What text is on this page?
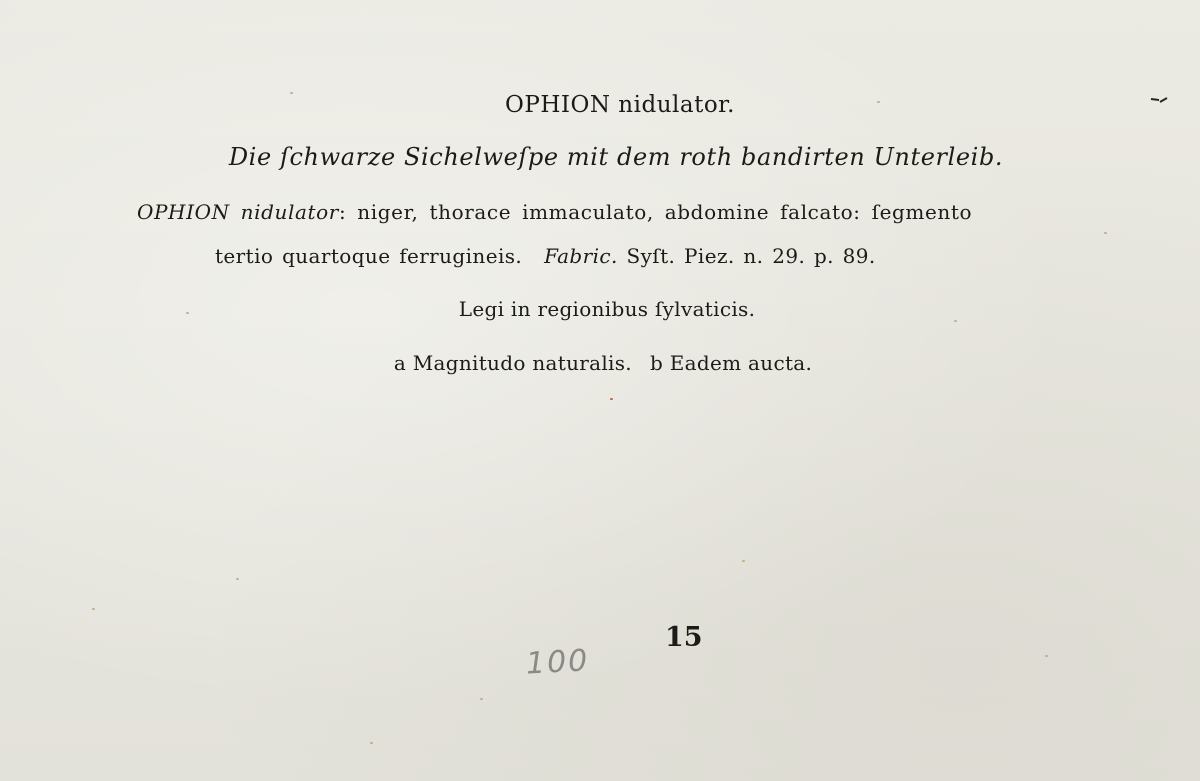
OPHION nidulator.
Die ſchwarze Sichelweſpe mit dem roth bandirten Unterleib.
OPHION nidulator: niger, thorace immaculato, abdomine falcato: ſegmento
tertio quartoque ferrugineis. Fabric. Syſt. Piez. n. 29. p. 89.
Legi in regionibus ſylvaticis.
a Magnitudo naturalis. b Eadem aucta.
15
100
